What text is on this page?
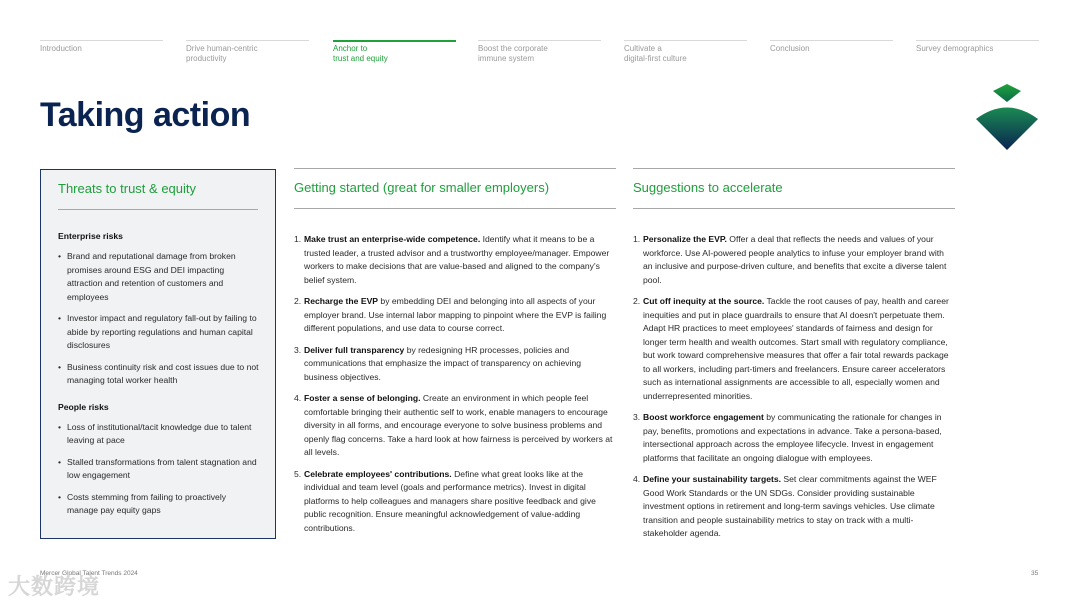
Introduction	Drive human-centric
productivity
Anchor to
trust and equity
Boost the corporate
immune system
Cultivate a
digital-first culture
Conclusion	Survey demographics
Taking action
Threats to trust & equity
Enterprise risks
• Brand and reputational damage from broken promises around ESG and DEI impacting attraction and retention of customers and employees
• Investor impact and regulatory fall-out by failing to abide by reporting regulations and human capital disclosures
• Business continuity risk and cost issues due to not managing total worker health
People risks
• Loss of institutional/tacit knowledge due to talent leaving at pace
• Stalled transformations from talent stagnation and low engagement
• Costs stemming from failing to proactively manage pay equity gaps
Getting started (great for smaller employers)
1. Make trust an enterprise-wide competence. Identify what it means to be a trusted leader, a trusted advisor and a trustworthy employee/manager. Empower workers to make decisions that are value-based and aligned to the company's belief system.
2. Recharge the EVP by embedding DEI and belonging into all aspects of your employer brand. Use internal labor mapping to pinpoint where the EVP is failing different populations, and use data to course correct.
3. Deliver full transparency by redesigning HR processes, policies and communications that emphasize the impact of transparency on achieving business objectives.
4. Foster a sense of belonging. Create an environment in which people feel comfortable bringing their authentic self to work, enable managers to encourage diversity in all forms, and encourage everyone to solve business problems and openly flag concerns. Take a hard look at how fairness is perceived by workers at all levels.
5. Celebrate employees' contributions. Define what great looks like at the individual and team level (goals and performance metrics). Invest in digital platforms to help colleagues and managers share positive feedback and give public recognition. Ensure meaningful acknowledgement of value-adding contributions.
Suggestions to accelerate
1. Personalize the EVP. Offer a deal that reflects the needs and values of your workforce. Use AI-powered people analytics to infuse your employer brand with an inclusive and purpose-driven culture, and benefits that excite a diverse talent pool.
2. Cut off inequity at the source. Tackle the root causes of pay, health and career inequities and put in place guardrails to ensure that AI doesn't perpetuate them. Adapt HR practices to meet employees' standards of fairness and design for longer term health and wealth outcomes. Start small with regulatory compliance, but work toward comprehensive measures that offer a fair total rewards package to all workers, including part-timers and freelancers. Ensure career accelerators such as international assignments are accessible to all, especially women and underrepresented minorities.
3. Boost workforce engagement by communicating the rationale for changes in pay, benefits, promotions and expectations in advance. Take a persona-based, intersectional approach across the employee lifecycle. Invest in engagement platforms that facilitate an ongoing dialogue with employees.
4. Define your sustainability targets. Set clear commitments against the WEF Good Work Standards or the UN SDGs. Consider providing sustainable investment options in retirement and long-term savings vehicles. Use climate transition and people sustainability metrics to stay on track with a multi-stakeholder agenda.
大数跨境
Mercer Global Talent Trends 2024	35
